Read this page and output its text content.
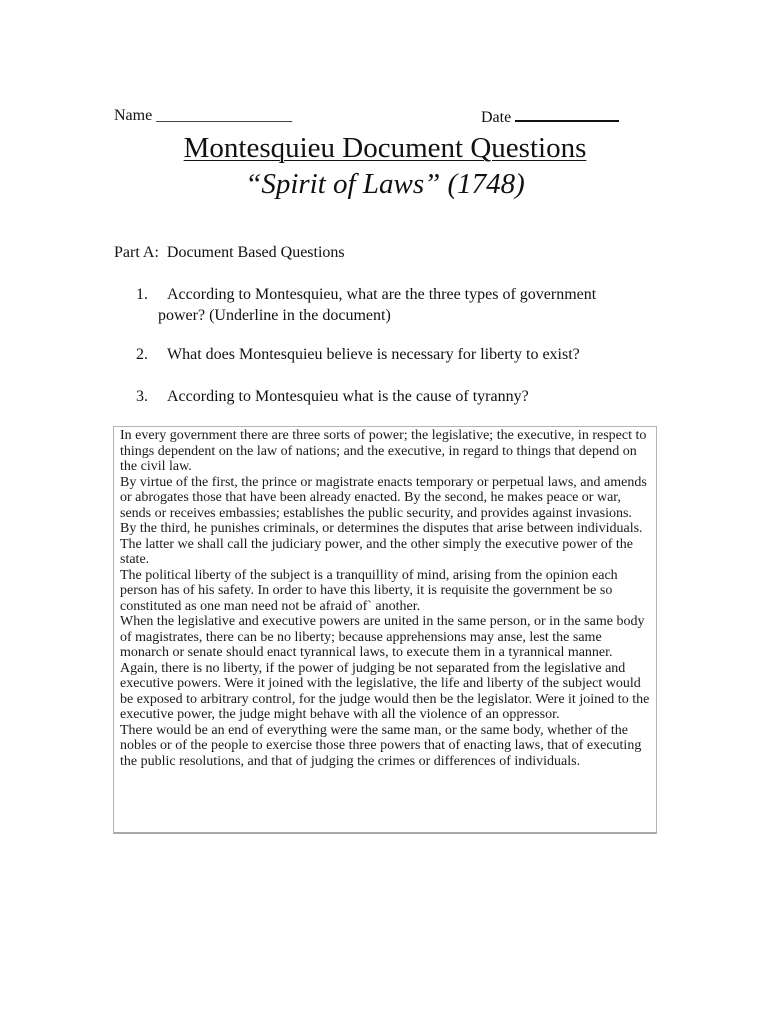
Name _________________	Date
Montesquieu Document Questions
“Spirit of Laws” (1748)
Part A:  Document Based Questions
1. According to Montesquieu, what are the three types of government
power? (Underline in the document)
2. What does Montesquieu believe is necessary for liberty to exist?
3. According to Montesquieu what is the cause of tyranny?

In every government there are three sorts of power; the legislative; the executive, in respect to things dependent on the law of nations; and the executive, in regard to things that depend on the civil law.

By virtue of the first, the prince or magistrate enacts temporary or perpetual laws, and amends or abrogates those that have been already enacted. By the second, he makes peace or war, sends or receives embassies; establishes the public security, and provides against invasions. By the third, he punishes criminals, or determines the disputes that arise between individuals. The latter we shall call the judiciary power, and the other simply the executive power of the state.

The political liberty of the subject is a tranquillity of mind, arising from the opinion each person has of his safety. In order to have this liberty, it is requisite the government be so constituted as one man need not be afraid of` another.

When the legislative and executive powers are united in the same person, or in the same body of magistrates, there can be no liberty; because apprehensions may anse, lest the same monarch or senate should enact tyrannical laws, to execute them in a tyrannical manner.

Again, there is no liberty, if the power of judging be not separated from the legislative and executive powers. Were it joined with the legislative, the life and liberty of the subject would be exposed to arbitrary control, for the judge would then be the legislator. Were it joined to the executive power, the judge might behave with all the violence of an oppressor.

There would be an end of everything were the same man, or the same body, whether of the nobles or of the people to exercise those three powers that of enacting laws, that of executing the public resolutions, and that of judging the crimes or differences of individuals.
